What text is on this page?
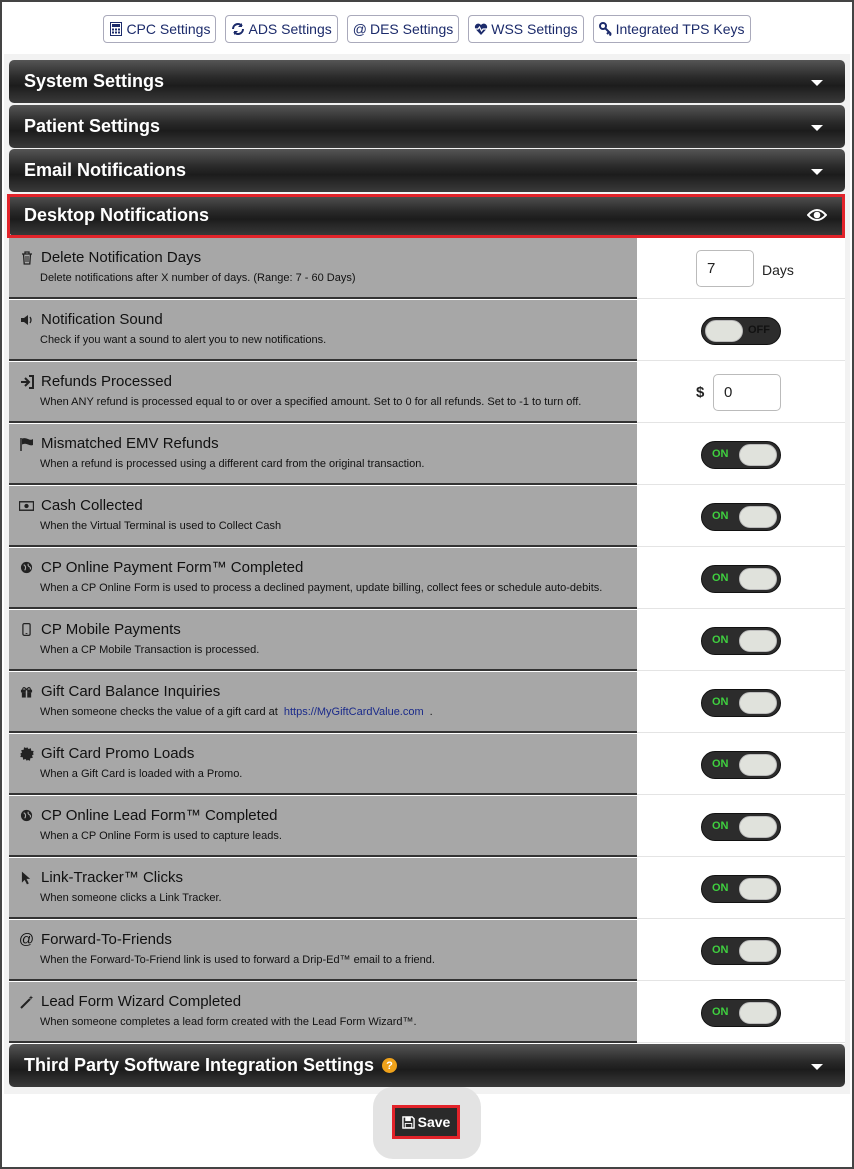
CPC Settings	ADS Settings @ DES Settings	WSS Settings	Integrated TPS Keys
System Settings
Patient Settings
Email Notifications
Desktop Notifications
Delete Notification Days
Delete notifications after X number of days. (Range: 7 - 60 Days)
7	Days
Notification Sound
Check if you want a sound to alert you to new notifications.
OFF
Refunds Processed
When ANY refund is processed equal to or over a specified amount. Set to 0 for all refunds. Set to -1 to turn off.
$	0
Mismatched EMV Refunds
When a refund is processed using a different card from the original transaction.
ON
Cash Collected
When the Virtual Terminal is used to Collect Cash
ON
CP Online Payment Form™ Completed
When a CP Online Form is used to process a declined payment, update billing, collect fees or schedule auto-debits.
ON
CP Mobile Payments
When a CP Mobile Transaction is processed.
ON
Gift Card Balance Inquiries
When someone checks the value of a gift card at https://MyGiftCardValue.com .
ON
Gift Card Promo Loads
When a Gift Card is loaded with a Promo.
ON
CP Online Lead Form™ Completed
When a CP Online Form is used to capture leads.
ON
Link-Tracker™ Clicks
When someone clicks a Link Tracker.
ON
@ Forward-To-Friends
When the Forward-To-Friend link is used to forward a Drip-Ed™ email to a friend.
ON
Lead Form Wizard Completed
When someone completes a lead form created with the Lead Form Wizard™.
ON
Third Party Software Integration Settings	?
Save
